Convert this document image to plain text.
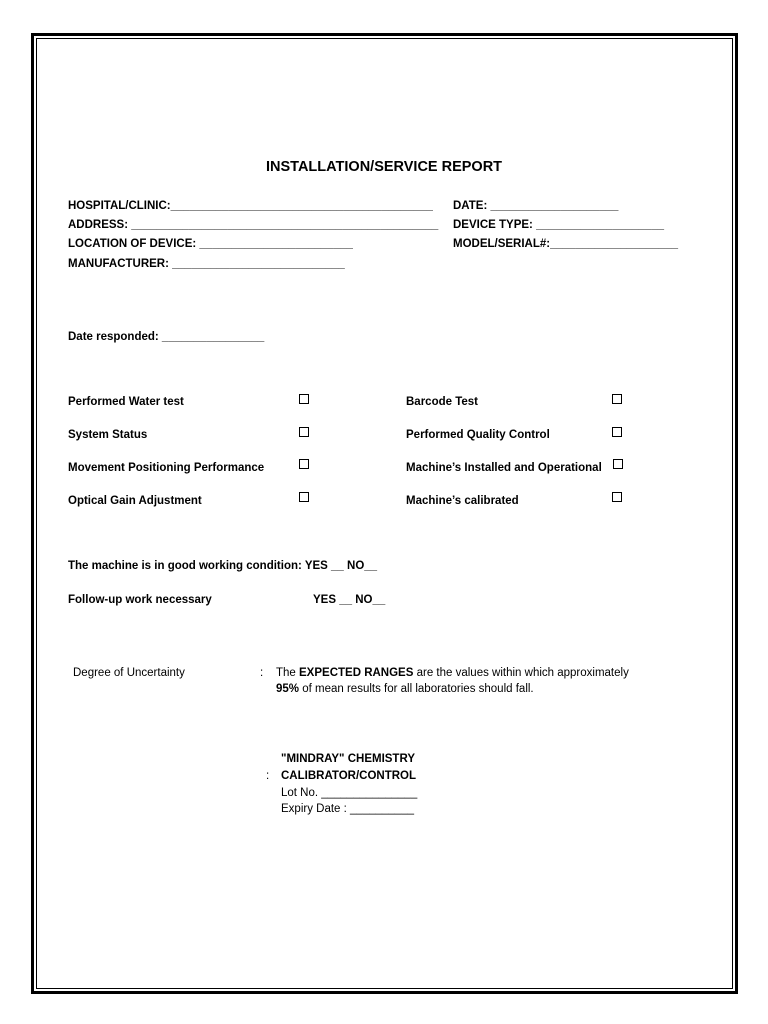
INSTALLATION/SERVICE REPORT
HOSPITAL/CLINIC:_________________________________________
ADDRESS: ________________________________________________
LOCATION OF DEVICE: ________________________
MANUFACTURER: ___________________________
DATE: ____________________
DEVICE TYPE: ____________________
MODEL/SERIAL#:____________________
Date responded: ________________
Performed Water test
System Status
Movement Positioning Performance
Optical Gain Adjustment
Barcode Test
Performed Quality Control
Machine’s Installed and Operational
Machine’s calibrated
The machine is in good working condition: YES __ NO__
Follow-up work necessary	YES __ NO__
Degree of Uncertainty	: The EXPECTED RANGES are the values within which approximately
95% of mean results for all laboratories should fall.
"MINDRAY" CHEMISTRY
: CALIBRATOR/CONTROL
Lot No. _______________
Expiry Date : __________
